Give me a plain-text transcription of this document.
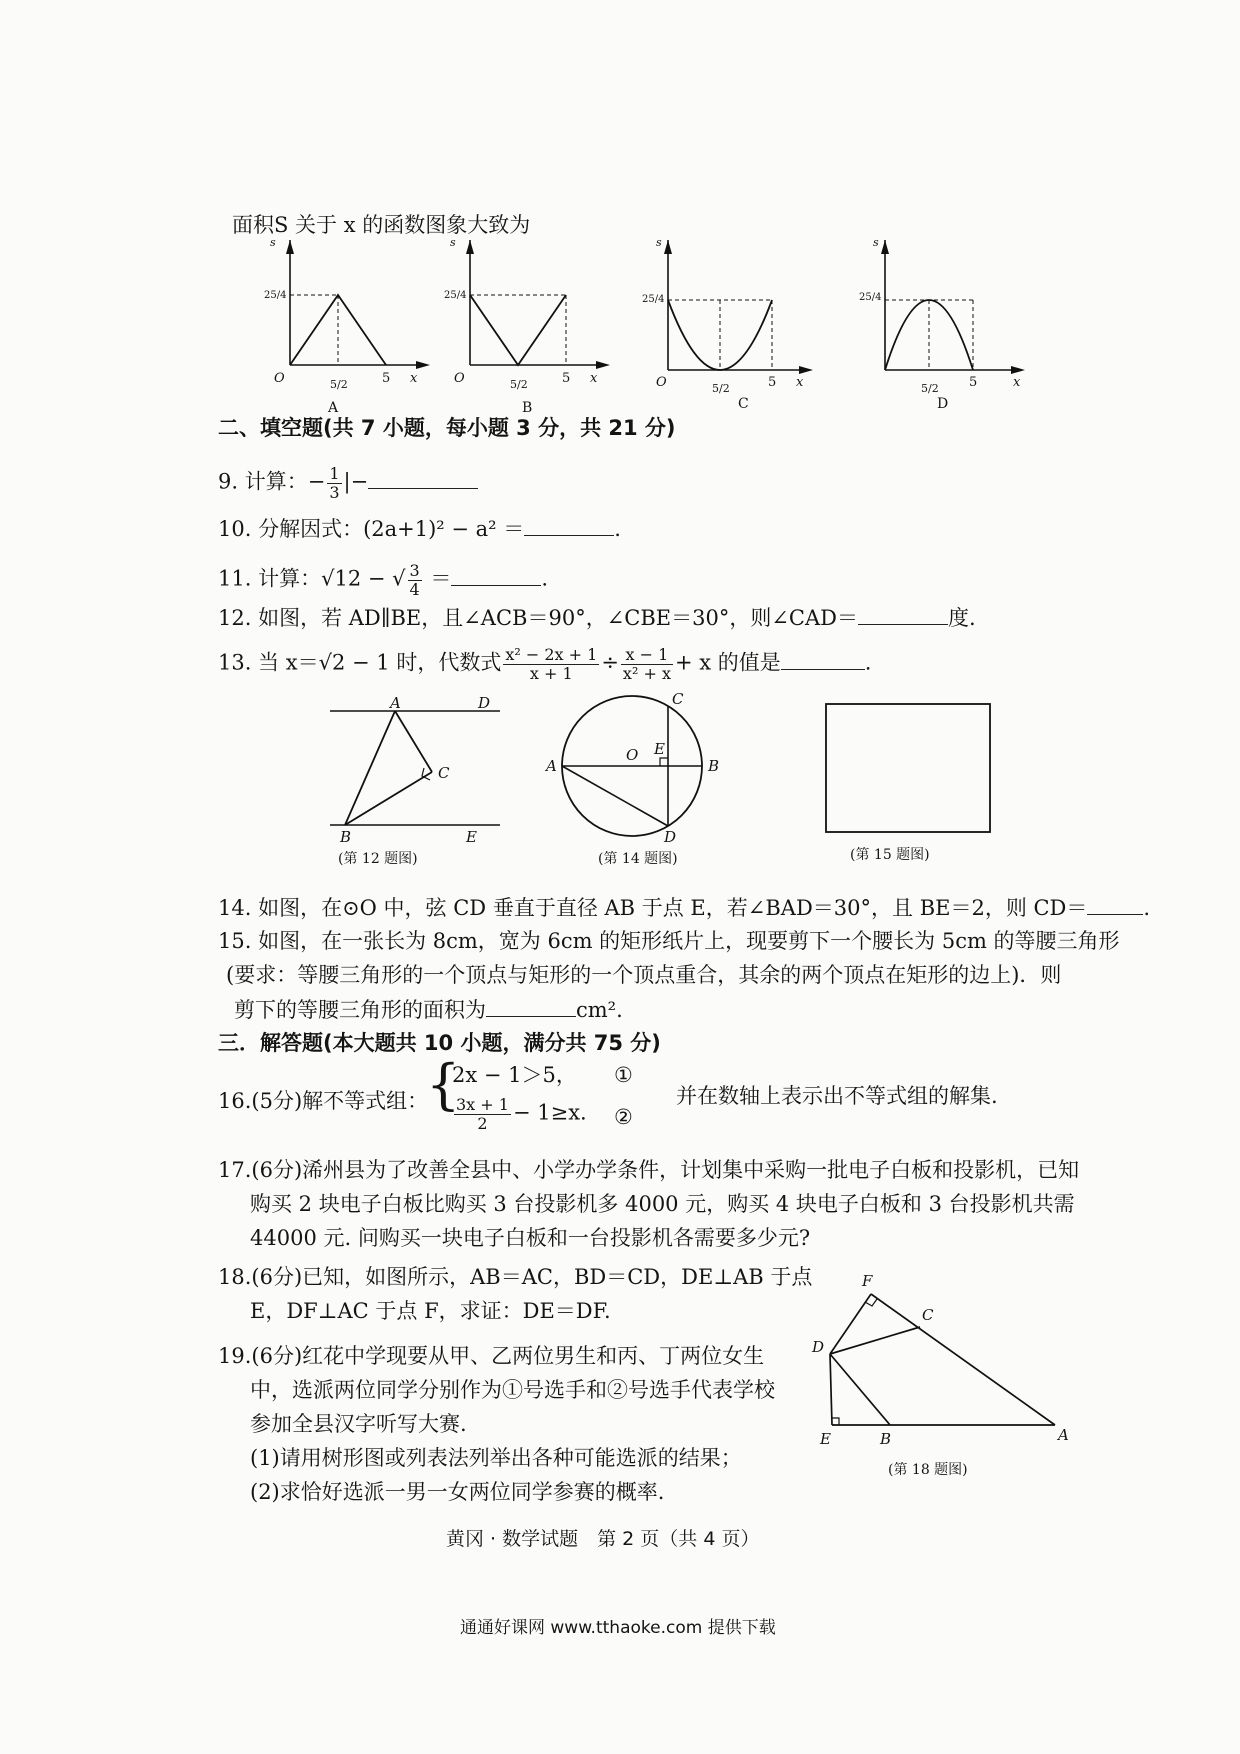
面积S 关于 x 的函数图象大致为
s
25/4
O	5/2	5 x
A
s
25/4
O	5/2	5 x
B
s
25/4
O	5/2	5 x
C
s
25/4
5/2 5	x
D
二、填空题(共 7 小题，每小题 3 分，共 21 分)
9. 计算：− $\frac{1}{3}$ |−
10. 分解因式：(2a+1)² − a² ＝	.
11. 计算：√12 − √ $\frac{3}{4}$ ＝	.
12. 如图，若 AD∥BE，且∠ACB＝90°，∠CBE＝30°，则∠CAD＝	度.
13. 当 x＝√2 − 1 时，代数式 $\frac{\text{x² − 2x + 1}}{x + 1} \div \frac{x - 1}{\text{x² + x}} + x$ 的值是	.
A	D
C
B	E
(第 12 题图)
C
A
O E
B
D
(第 14 题图)	(第 15 题图)
14. 如图，在⊙O 中，弦 CD 垂直于直径 AB 于点 E，若∠BAD＝30°，且 BE＝2，则 CD＝	.
15. 如图，在一张长为 8cm，宽为 6cm 的矩形纸片上，现要剪下一个腰长为 5cm 的等腰三角形
(要求：等腰三角形的一个顶点与矩形的一个顶点重合，其余的两个顶点在矩形的边上)．则
剪下的等腰三角形的面积为	cm².
三．解答题(本大题共 10 小题，满分共 75 分)
16.(5分)解不等式组：
{
2x − 1＞5， ①
$\frac{3x + 1}{2} - 1\ge x$. ②
并在数轴上表示出不等式组的解集.
17.(6分)浠州县为了改善全县中、小学办学条件，计划集中采购一批电子白板和投影机，已知
购买 2 块电子白板比购买 3 台投影机多 4000 元，购买 4 块电子白板和 3 台投影机共需
44000 元. 问购买一块电子白板和一台投影机各需要多少元?
18.(6分)已知，如图所示，AB＝AC，BD＝CD，DE⊥AB 于点
E，DF⊥AC 于点 F，求证：DE＝DF.
19.(6分)红花中学现要从甲、乙两位男生和丙、丁两位女生
中，选派两位同学分别作为①号选手和②号选手代表学校
参加全县汉字听写大赛.
(1)请用树形图或列表法列举出各种可能选派的结果；
(2)求恰好选派一男一女两位同学参赛的概率.
F
C
D
E	B	A
(第 18 题图)
黄冈 · 数学试题　第 2 页（共 4 页）
通通好课网 www.tthaoke.com 提供下载
